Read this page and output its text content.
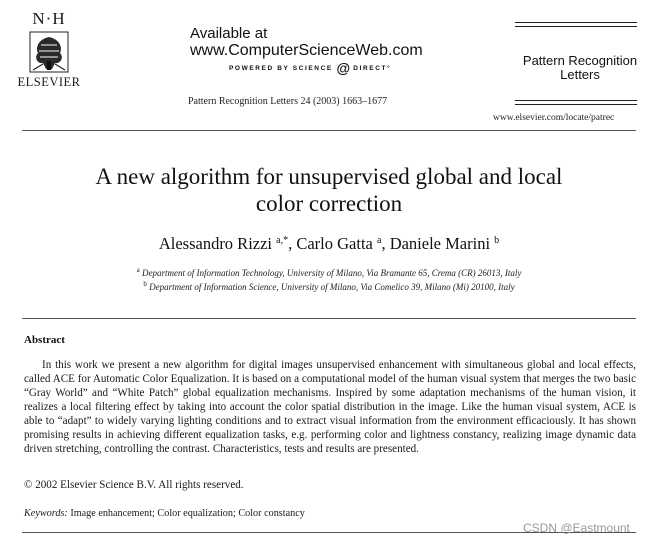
N·H
ELSEVIER
Available at
www.ComputerScienceWeb.com
POWERED BY SCIENCE @ DIRECT°
Pattern Recognition Letters 24 (2003) 1663–1677
Pattern Recognition
Letters
www.elsevier.com/locate/patrec
A new algorithm for unsupervised global and local
color correction
Alessandro Rizzi $^{a,*}$, Carlo Gatta $^a$, Daniele Marini $^b$
$^a$ Department of Information Technology, University of Milano, Via Bramante 65, Crema (CR) 26013, Italy
$^b$ Department of Information Science, University of Milano, Via Comelico 39, Milano (Mi) 20100, Italy
Abstract

In this work we present a new algorithm for digital images unsupervised enhancement with simultaneous global and local effects, called ACE for Automatic Color Equalization. It is based on a computational model of the human visual system that merges the two basic “Gray World” and “White Patch” global equalization mechanisms. Inspired by some adaptation mechanisms of the human vision, it realizes a local filtering effect by taking into account the color spatial distribution in the image. Like the human visual system, ACE is able to “adapt” to widely varying lighting conditions and to extract visual information from the environment efficaciously. It has shown promising results in achieving different equalization tasks, e.g. performing color and lightness constancy, realizing image dynamic data driven stretching, controlling the contrast. Characteristics, tests and results are presented.

© 2002 Elsevier Science B.V. All rights reserved.
Keywords: Image enhancement; Color equalization; Color constancy
CSDN @Eastmount
